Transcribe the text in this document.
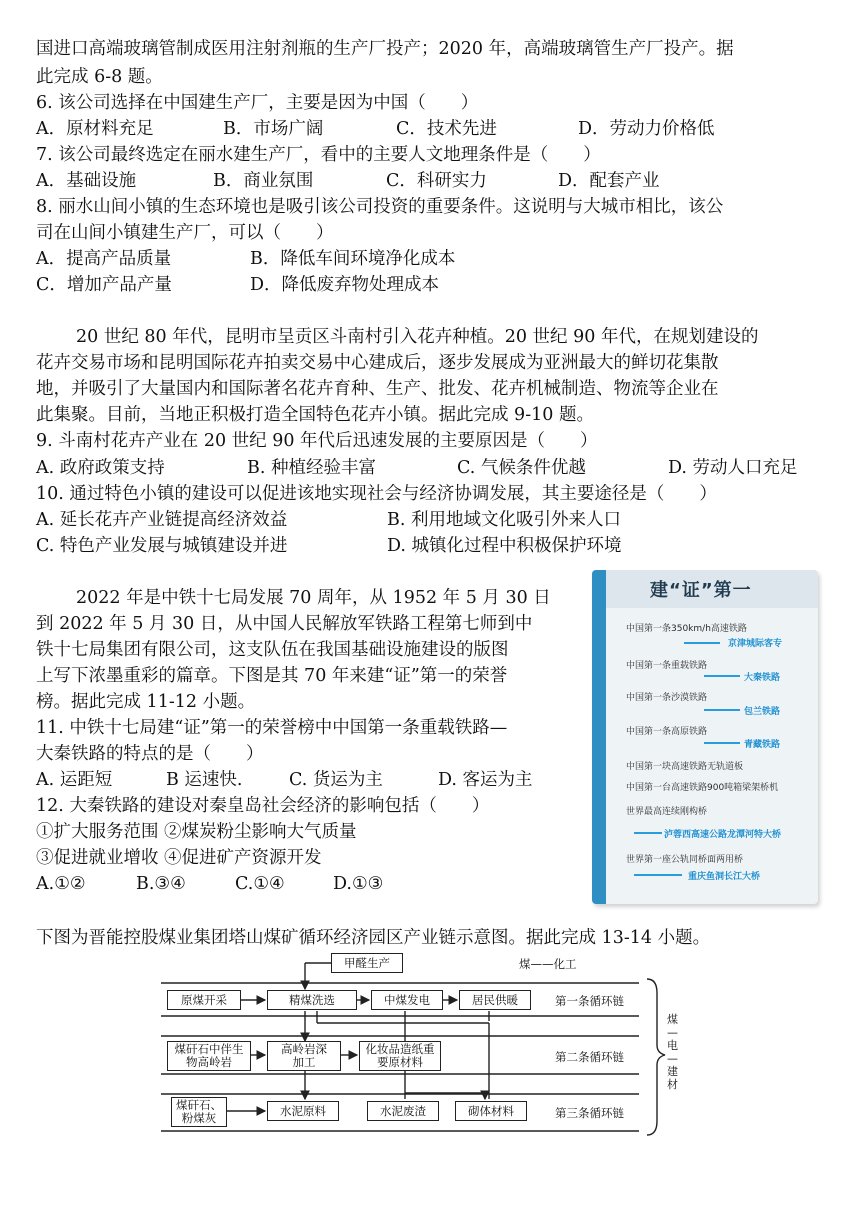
国进口高端玻璃管制成医用注射剂瓶的生产厂投产；2020 年，高端玻璃管生产厂投产。据
此完成 6-8 题。
6. 该公司选择在中国建生产厂，主要是因为中国（　　）
A．原材料充足	B．市场广阔	C．技术先进	D．劳动力价格低
7. 该公司最终选定在丽水建生产厂，看中的主要人文地理条件是（　　）
A．基础设施	B．商业氛围	C．科研实力	D．配套产业
8. 丽水山间小镇的生态环境也是吸引该公司投资的重要条件。这说明与大城市相比，该公
司在山间小镇建生产厂，可以（　　）
A．提高产品质量	B．降低车间环境净化成本
C．增加产品产量	D．降低废弃物处理成本
20 世纪 80 年代，昆明市呈贡区斗南村引入花卉种植。20 世纪 90 年代，在规划建设的
花卉交易市场和昆明国际花卉拍卖交易中心建成后，逐步发展成为亚洲最大的鲜切花集散
地，并吸引了大量国内和国际著名花卉育种、生产、批发、花卉机械制造、物流等企业在
此集聚。目前，当地正积极打造全国特色花卉小镇。据此完成 9-10 题。
9. 斗南村花卉产业在 20 世纪 90 年代后迅速发展的主要原因是（　　）
A. 政府政策支持	B. 种植经验丰富	C. 气候条件优越	D. 劳动人口充足
10. 通过特色小镇的建设可以促进该地实现社会与经济协调发展，其主要途径是（　　）
A. 延长花卉产业链提高经济效益	B. 利用地域文化吸引外来人口
C. 特色产业发展与城镇建设并进	D. 城镇化过程中积极保护环境
2022 年是中铁十七局发展 70 周年，从 1952 年 5 月 30 日
到 2022 年 5 月 30 日，从中国人民解放军铁路工程第七师到中
铁十七局集团有限公司，这支队伍在我国基础设施建设的版图
上写下浓墨重彩的篇章。下图是其 70 年来建“证”第一的荣誉
榜。据此完成 11-12 小题。
11. 中铁十七局建“证”第一的荣誉榜中中国第一条重载铁路—
大秦铁路的特点的是（　　）
A. 运距短	B 运速快.	C. 货运为主	D. 客运为主
12. 大秦铁路的建设对秦皇岛社会经济的影响包括（　　）
①扩大服务范围 ②煤炭粉尘影响大气质量
③促进就业增收 ④促进矿产资源开发
A.①②	B.③④	C.①④	D.①③
建“证”第一
中国第一条350km/h高速铁路
京津城际客专
中国第一条重载铁路
大秦铁路
中国第一条沙漠铁路
包兰铁路
中国第一条高原铁路
青藏铁路
中国第一块高速铁路无轨道板
中国第一台高速铁路900吨箱梁架桥机
世界最高连续刚构桥
泸蓉西高速公路龙潭河特大桥
世界第一座公轨同桥面两用桥
重庆鱼洞长江大桥
下图为晋能控股煤业集团塔山煤矿循环经济园区产业链示意图。据此完成 13-14 小题。
甲醛生产	煤——化工
原煤开采	精煤洗选	中煤发电	居民供暖	第一条循环链
煤矸石中伴生物高岭岩
高岭岩深加工
化妆品造纸重要原材料	第二条循环链
煤矸石、粉煤灰
水泥原料	水泥废渣	砌体材料	第三条循环链
煤—电—建材
